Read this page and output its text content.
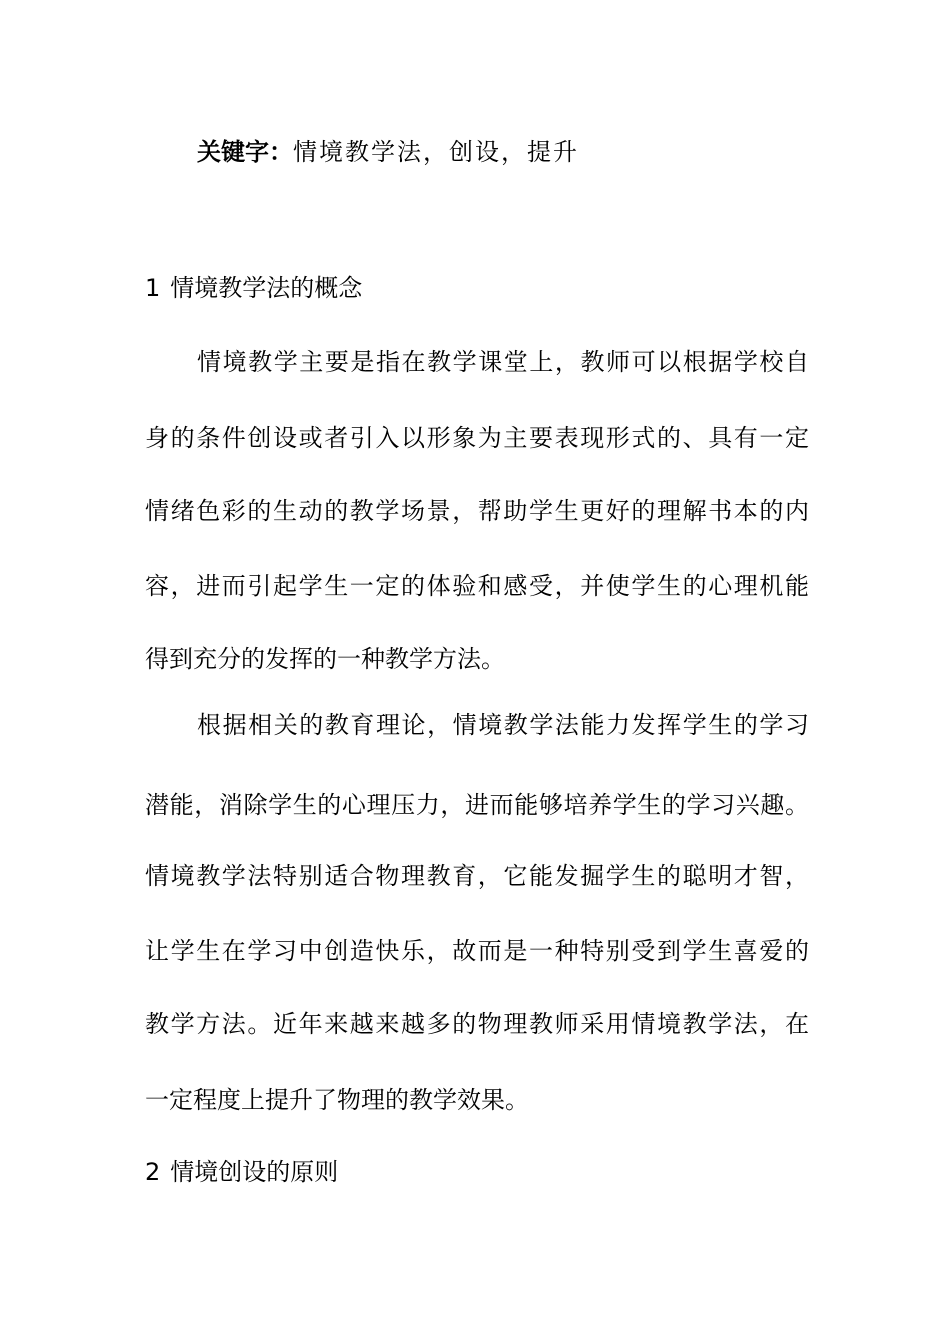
关键字：情境教学法，创设，提升
1 情境教学法的概念
情境教学主要是指在教学课堂上，教师可以根据学校自
身的条件创设或者引入以形象为主要表现形式的、具有一定
情绪色彩的生动的教学场景，帮助学生更好的理解书本的内
容，进而引起学生一定的体验和感受，并使学生的心理机能
得到充分的发挥的一种教学方法。
根据相关的教育理论，情境教学法能力发挥学生的学习
潜能，消除学生的心理压力，进而能够培养学生的学习兴趣。
情境教学法特别适合物理教育，它能发掘学生的聪明才智，
让学生在学习中创造快乐，故而是一种特别受到学生喜爱的
教学方法。近年来越来越多的物理教师采用情境教学法，在
一定程度上提升了物理的教学效果。
2 情境创设的原则
